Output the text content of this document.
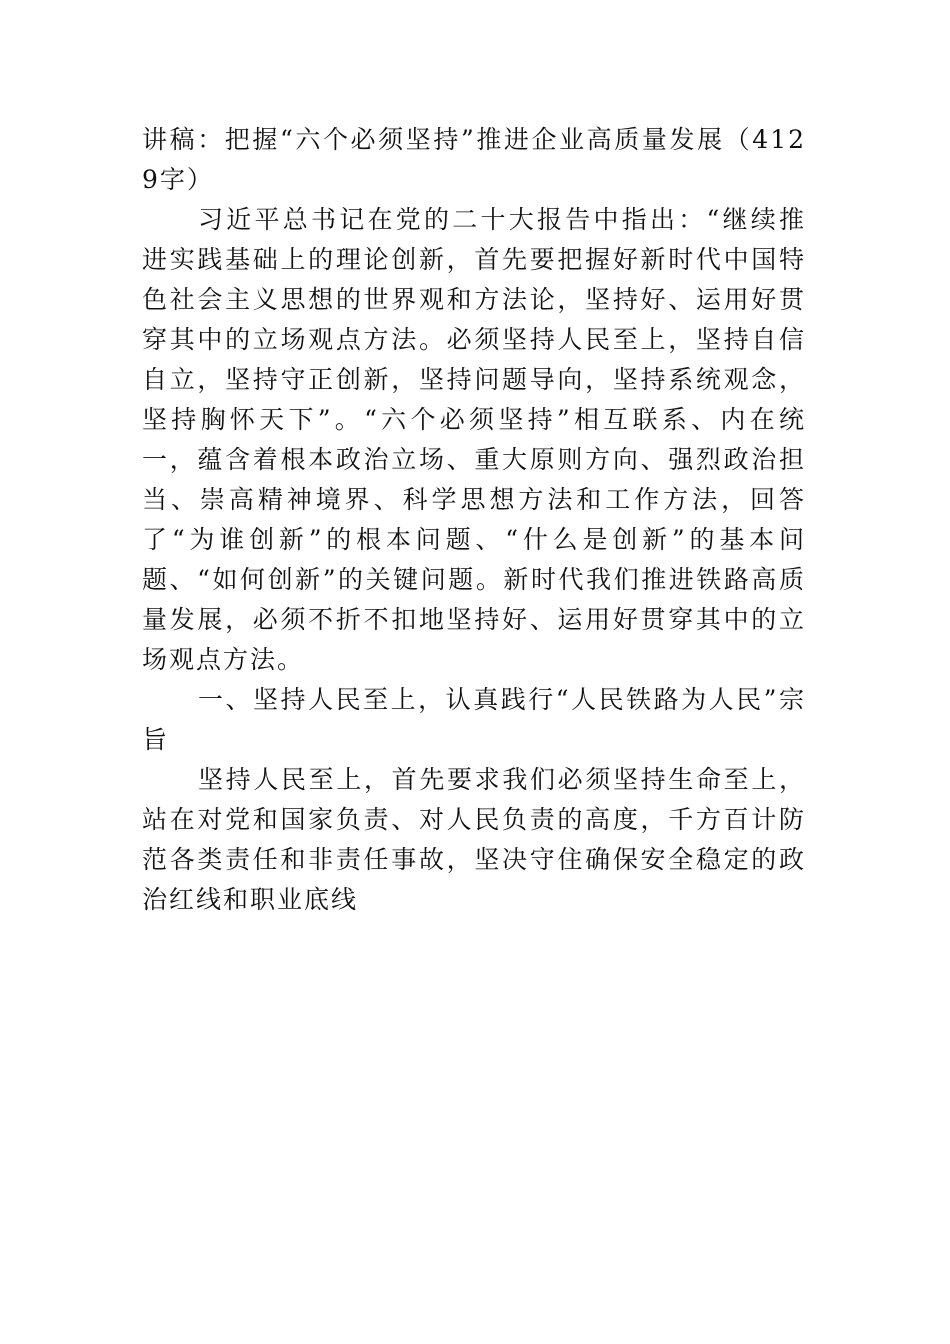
讲稿：把握“六个必须坚持”推进企业高质量发展（4129字）

习近平总书记在党的二十大报告中指出：“继续推进实践基础上的理论创新，首先要把握好新时代中国特色社会主义思想的世界观和方法论，坚持好、运用好贯穿其中的立场观点方法。必须坚持人民至上，坚持自信自立，坚持守正创新，坚持问题导向，坚持系统观念，坚持胸怀天下”。“六个必须坚持”相互联系、内在统一，蕴含着根本政治立场、重大原则方向、强烈政治担当、崇高精神境界、科学思想方法和工作方法，回答了“为谁创新”的根本问题、“什么是创新”的基本问题、“如何创新”的关键问题。新时代我们推进铁路高质量发展，必须不折不扣地坚持好、运用好贯穿其中的立场观点方法。

一、坚持人民至上，认真践行“人民铁路为人民”宗旨

坚持人民至上，首先要求我们必须坚持生命至上，站在对党和国家负责、对人民负责的高度，千方百计防范各类责任和非责任事故，坚决守住确保安全稳定的政治红线和职业底线
